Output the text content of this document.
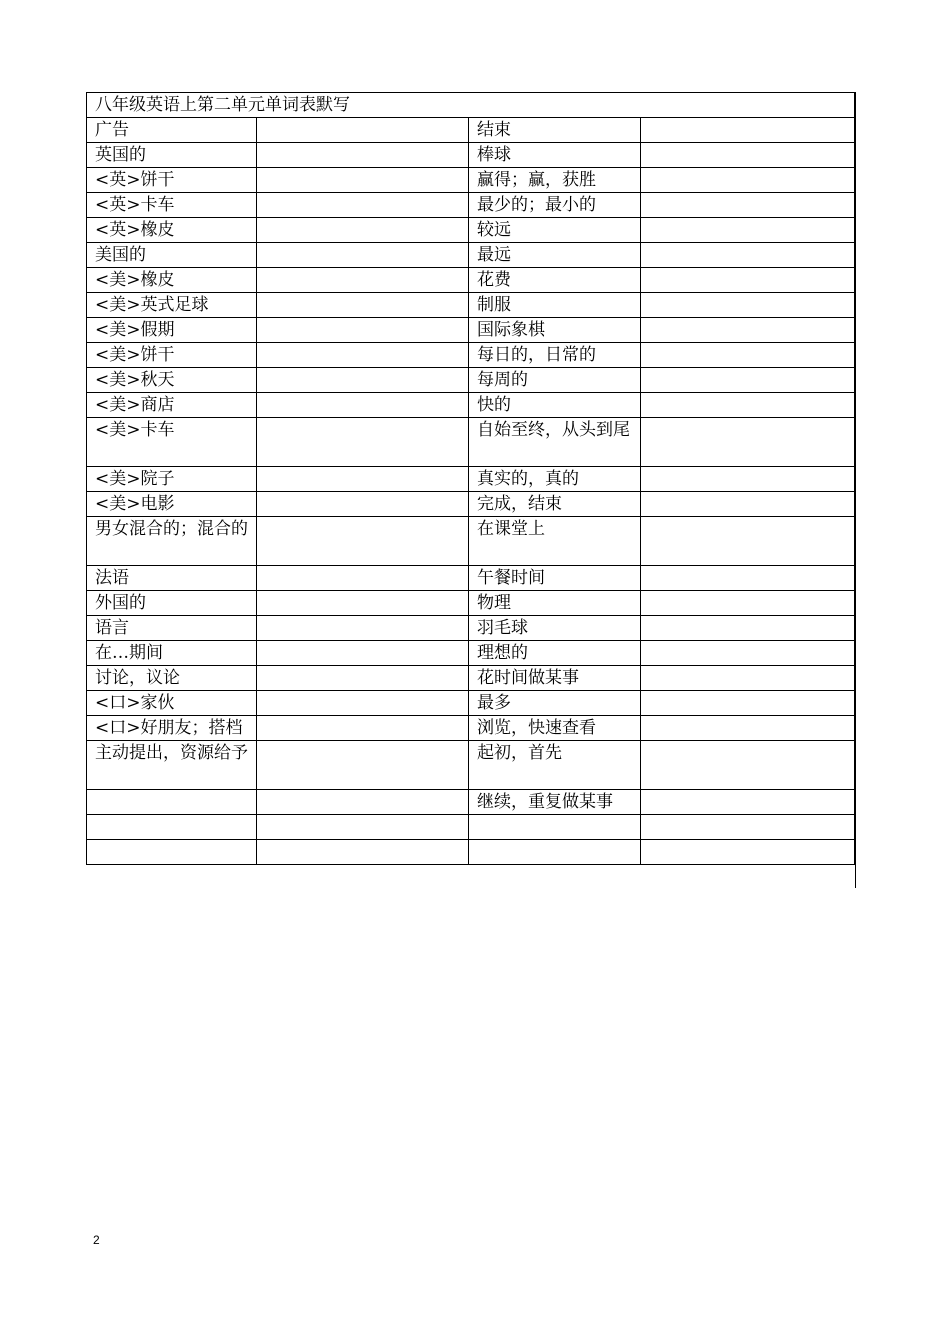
八年级英语上第二单元单词表默写			
广告		结束	
英国的		棒球	
<英>饼干		赢得；赢，获胜	
<英>卡车		最少的；最小的	
<英>橡皮		较远	
美国的		最远	
<美>橡皮		花费	
<美>英式足球		制服	
<美>假期		国际象棋	
<美>饼干		每日的，日常的	
<美>秋天		每周的	
<美>商店		快的	
<美>卡车		自始至终，从头到尾	
<美>院子		真实的，真的	
<美>电影		完成，结束	
男女混合的；混合的		在课堂上	
法语		午餐时间	
外国的		物理	
语言		羽毛球	
在…期间		理想的	
讨论，议论		花时间做某事	
<口>家伙		最多	
<口>好朋友；搭档		浏览，快速查看	
主动提出，资源给予		起初，首先	
		继续，重复做某事	

2
